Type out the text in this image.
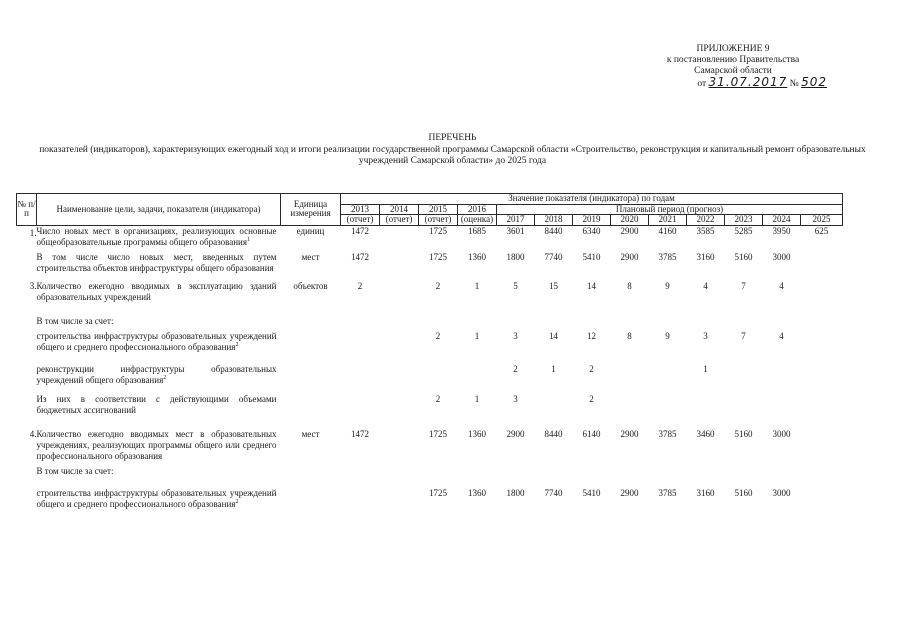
ПРИЛОЖЕНИЕ 9
к постановлению Правительства
Самарской области
от 31.07.2017 № 502
ПЕРЕЧЕНЬ
показателей (индикаторов), характеризующих ежегодный ход и итоги реализации государственной программы Самарской области «Строительство, реконструкция и капитальный ремонт образовательных учреждений Самарской области» до 2025 года
№ п/п	Наименование цели, задачи, показателя (индикатора)	Единица измерения	Значение показателя (индикатора) по годам												
			2013	2014	2015	2016	Плановый период (прогноз)								
			(отчет)	(отчет)	(отчет)	(оценка)	2017	2018	2019	2020	2021	2022	2023	2024	2025
1.	Число новых мест в организациях, реализующих основные общеобразовательные программы общего образования$^1$	единиц	1472		1725	1685	3601	8440	6340	2900	4160	3585	5285	3950	625

	В том числе число новых мест, введенных путем строительства объектов инфраструктуры общего образования	мест	1472		1725	1360	1800	7740	5410	2900	3785	3160	5160	3000	

3.	Количество ежегодно вводимых в эксплуатацию зданий образовательных учреждений	объектов	2		2	1	5	15	14	8	9	4	7	4	

	В том числе за счет:														

	строительства инфраструктуры образовательных учреждений общего и среднего профессионального образования$^2$				2	1	3	14	12	8	9	3	7	4	

	реконструкции инфраструктуры образовательных учреждений общего образования$^2$						2	1	2			1			

	Из них в соответствии с действующими объемами бюджетных ассигнований				2	1	3		2						

4.	Количество ежегодно вводимых мест в образовательных учреждениях, реализующих программы общего или среднего профессионального образования	мест	1472		1725	1360	2900	8440	6140	2900	3785	3460	5160	3000	

	В том числе за счет:														

	строительства инфраструктуры образовательных учреждений общего и среднего профессионального образования$^2$				1725	1360	1800	7740	5410	2900	3785	3160	5160	3000	
